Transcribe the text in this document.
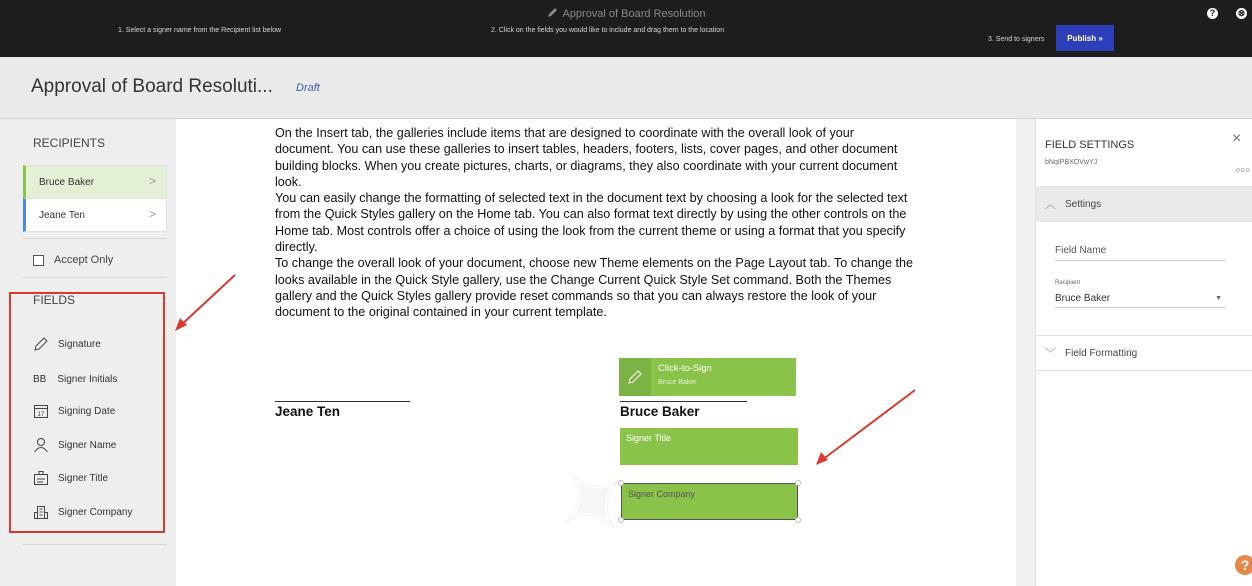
Approval of Board Resolution
1. Select a signer name from the Recipient list below	2. Click on the fields you would like to include and drag them to the location
3. Send to signers	Publish »
?	⊗
Approval of Board Resoluti... Draft
RECIPIENTS
Bruce Baker	>
Jeane Ten	>
Accept Only
FIELDS
Signature
BB Signer Initials
17 Signing Date
Signer Name
Signer Title
Signer Company

On the Insert tab, the galleries include items that are designed to coordinate with the overall look of your document. You can use these galleries to insert tables, headers, footers, lists, cover pages, and other document building blocks. When you create pictures, charts, or diagrams, they also coordinate with your current document look.

You can easily change the formatting of selected text in the document text by choosing a look for the selected text from the Quick Styles gallery on the Home tab. You can also format text directly by using the other controls on the Home tab. Most controls offer a choice of using the look from the current theme or using a format that you specify directly.

To change the overall look of your document, choose new Theme elements on the Page Layout tab. To change the looks available in the Quick Style gallery, use the Change Current Quick Style Set command. Both the Themes gallery and the Quick Styles gallery provide reset commands so that you can always restore the look of your document to the original contained in your current template.

Jeane Ten	Bruce Baker
Click-to-Sign
Bruce Baker
Signer Title
Signer Company
FIELD SETTINGS
bNqIPBXOVwYJ
×
ooo
︿ Settings
Field Name
Recipient
Bruce Baker	▼
﹀ Field Formatting
?
